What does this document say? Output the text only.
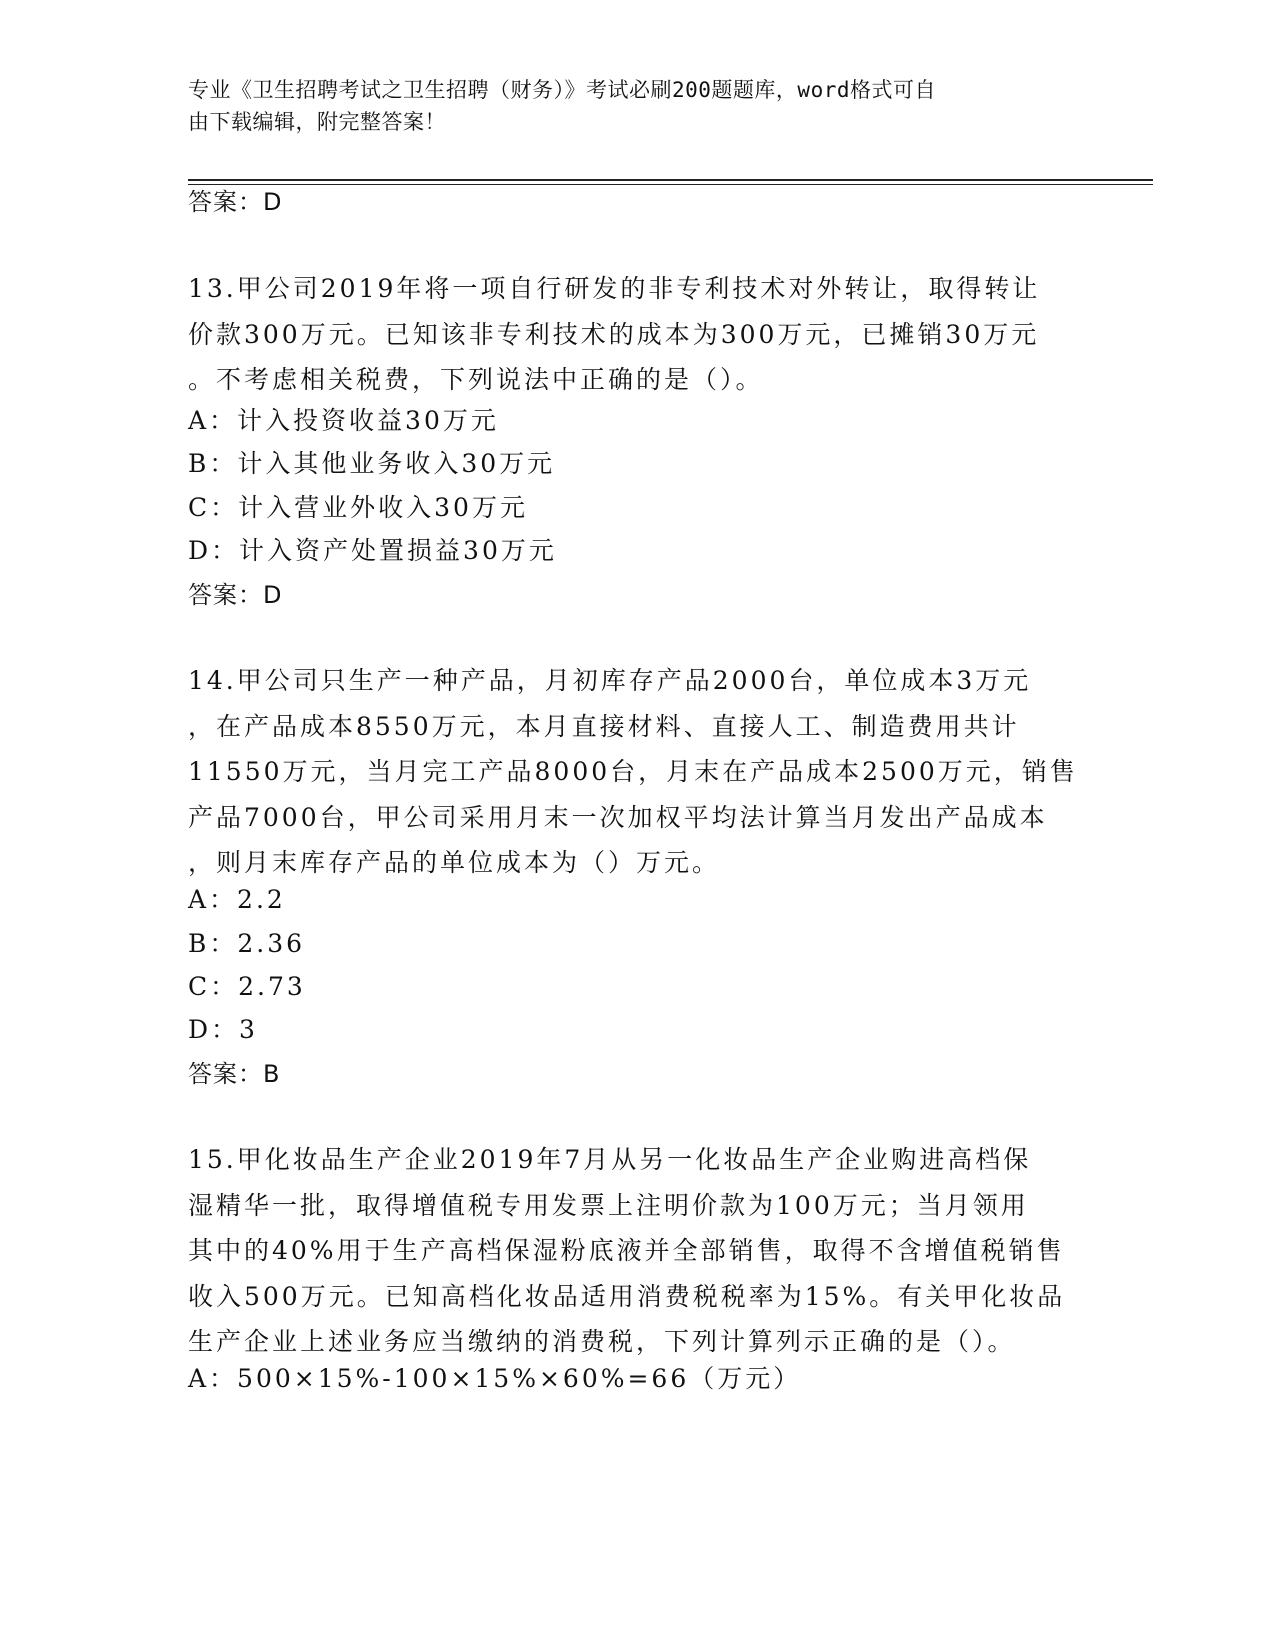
专业《卫生招聘考试之卫生招聘（财务）》考试必刷200题题库，word格式可自
由下载编辑，附完整答案！
答案：D
13.甲公司2019年将一项自行研发的非专利技术对外转让，取得转让
价款300万元。已知该非专利技术的成本为300万元，已摊销30万元
。不考虑相关税费，下列说法中正确的是（）。
A：计入投资收益30万元
B：计入其他业务收入30万元
C：计入营业外收入30万元
D：计入资产处置损益30万元
答案：D
14.甲公司只生产一种产品，月初库存产品2000台，单位成本3万元
，在产品成本8550万元，本月直接材料、直接人工、制造费用共计
11550万元，当月完工产品8000台，月末在产品成本2500万元，销售
产品7000台，甲公司采用月末一次加权平均法计算当月发出产品成本
，则月末库存产品的单位成本为（）万元。
A：2.2
B：2.36
C：2.73
D：3
答案：B
15.甲化妆品生产企业2019年7月从另一化妆品生产企业购进高档保
湿精华一批，取得增值税专用发票上注明价款为100万元；当月领用
其中的40%用于生产高档保湿粉底液并全部销售，取得不含增值税销售
收入500万元。已知高档化妆品适用消费税税率为15%。有关甲化妆品
生产企业上述业务应当缴纳的消费税，下列计算列示正确的是（）。
A：500×15%-100×15%×60%=66（万元）
